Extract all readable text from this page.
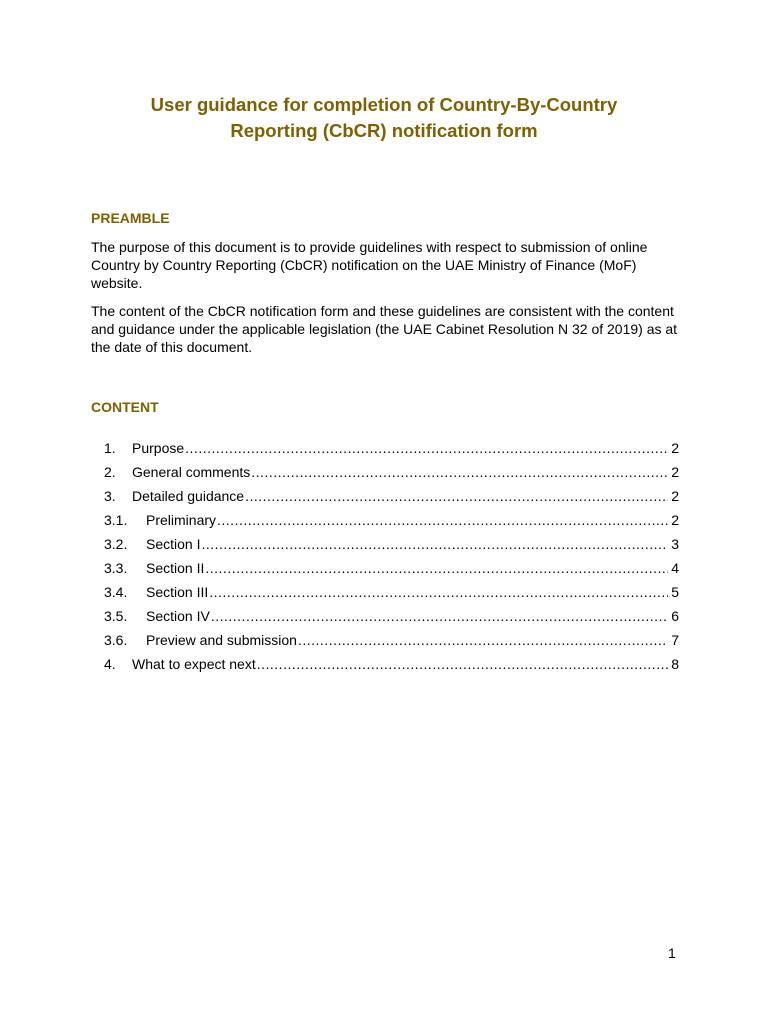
User guidance for completion of Country-By-Country
Reporting (CbCR) notification form
PREAMBLE
The purpose of this document is to provide guidelines with respect to submission of online
Country by Country Reporting (CbCR) notification on the UAE Ministry of Finance (MoF)
website.
The content of the CbCR notification form and these guidelines are consistent with the content
and guidance under the applicable legislation (the UAE Cabinet Resolution N 32 of 2019) as at
the date of this document.
CONTENT
1. Purpose .....	2
2. General comments .....	2
3. Detailed guidance .....	2
3.1. Preliminary .....	2
3.2. Section I .....	3
3.3. Section II .....	4
3.4. Section III .....	5
3.5. Section IV .....	6
3.6. Preview and submission .....	7
4. What to expect next .....	8
1
